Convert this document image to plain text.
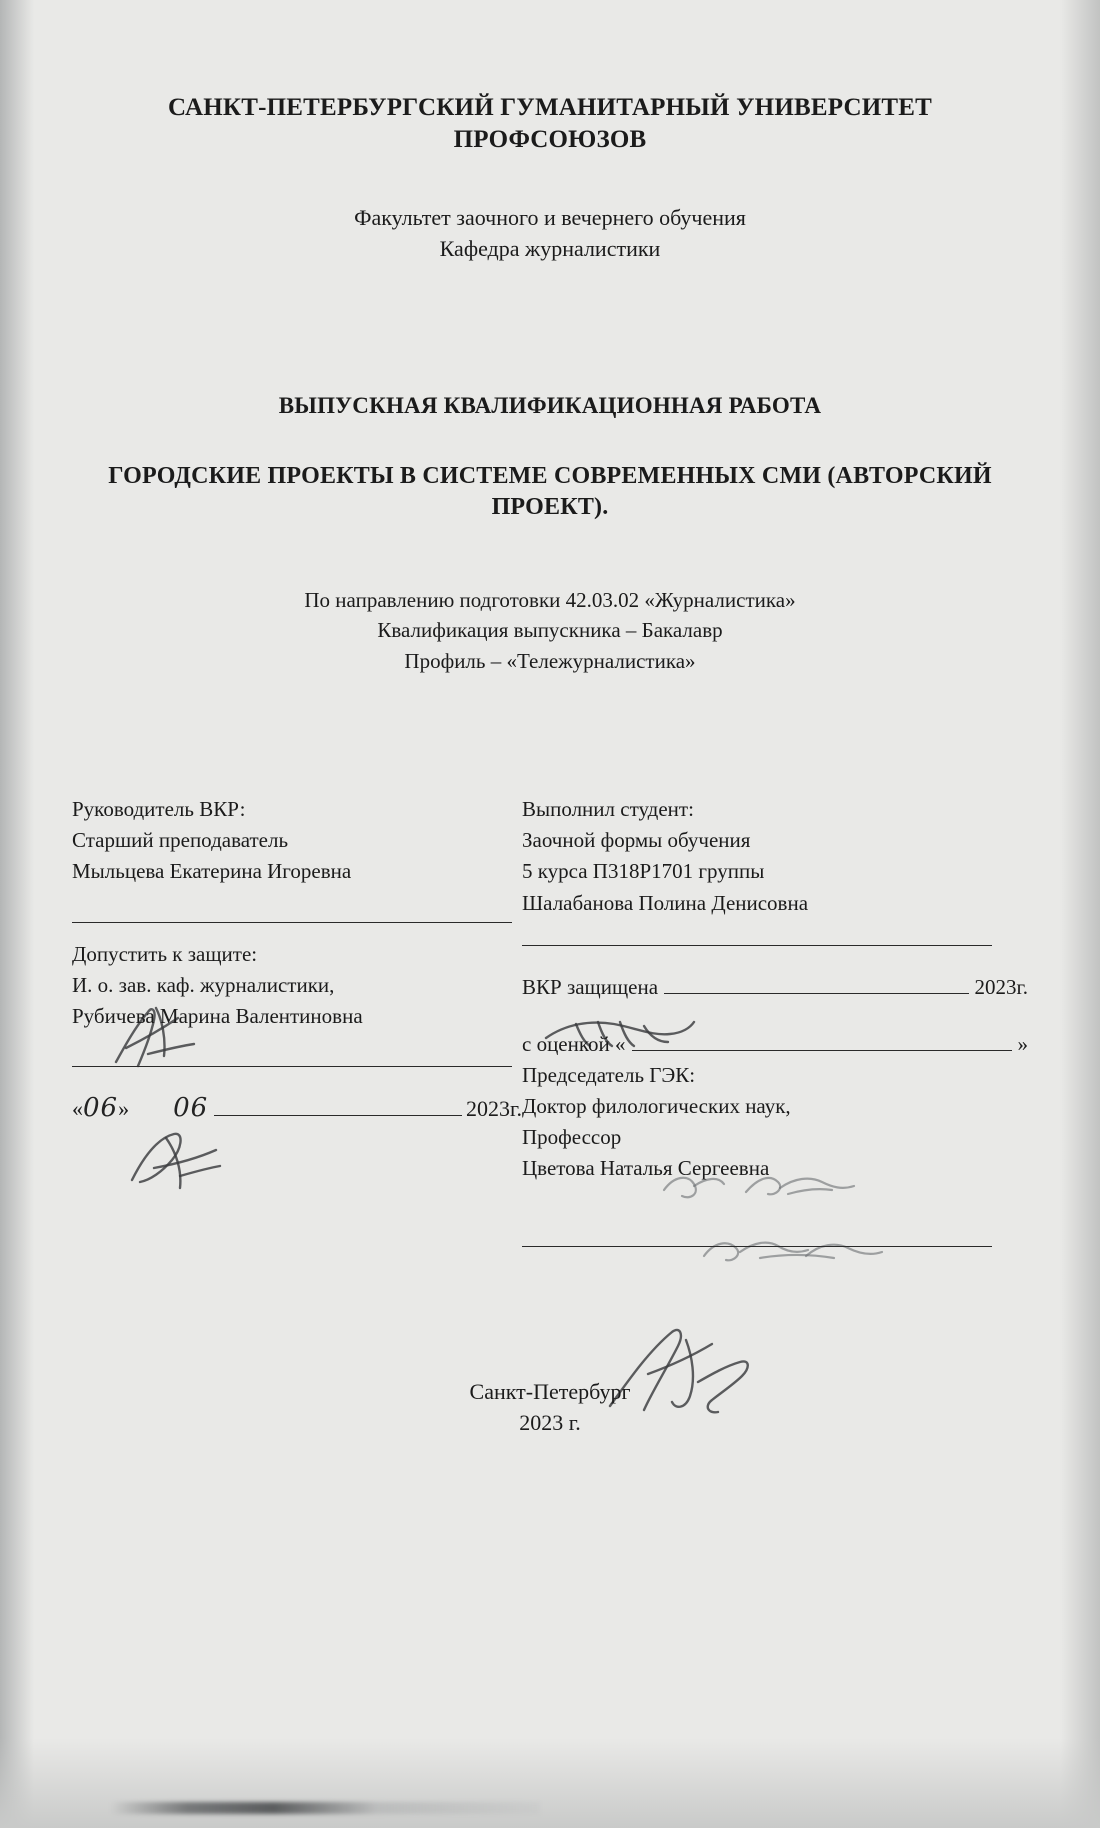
САНКТ-ПЕТЕРБУРГСКИЙ ГУМАНИТАРНЫЙ УНИВЕРСИТЕТ ПРОФСОЮЗОВ
Факультет заочного и вечернего обучения
Кафедра журналистики
ВЫПУСКНАЯ КВАЛИФИКАЦИОННАЯ РАБОТА
ГОРОДСКИЕ ПРОЕКТЫ В СИСТЕМЕ СОВРЕМЕННЫХ СМИ (АВТОРСКИЙ ПРОЕКТ).
По направлению подготовки 42.03.02 «Журналистика»
Квалификация выпускника – Бакалавр
Профиль – «Тележурналистика»
Руководитель ВКР:
Старший преподаватель
Мыльцева Екатерина Игоревна
Допустить к защите:
И. о. зав. каф. журналистики,
Рубичева Марина Валентиновна
« 06 » 06	2023г.
Выполнил студент:
Заочной формы обучения
5 курса П318Р1701 группы
Шалабанова Полина Денисовна
ВКР защищена	2023г.
с оценкой «	»
Председатель ГЭК:
Доктор филологических наук,
Профессор
Цветова Наталья Сергеевна
Санкт-Петербург
2023 г.
